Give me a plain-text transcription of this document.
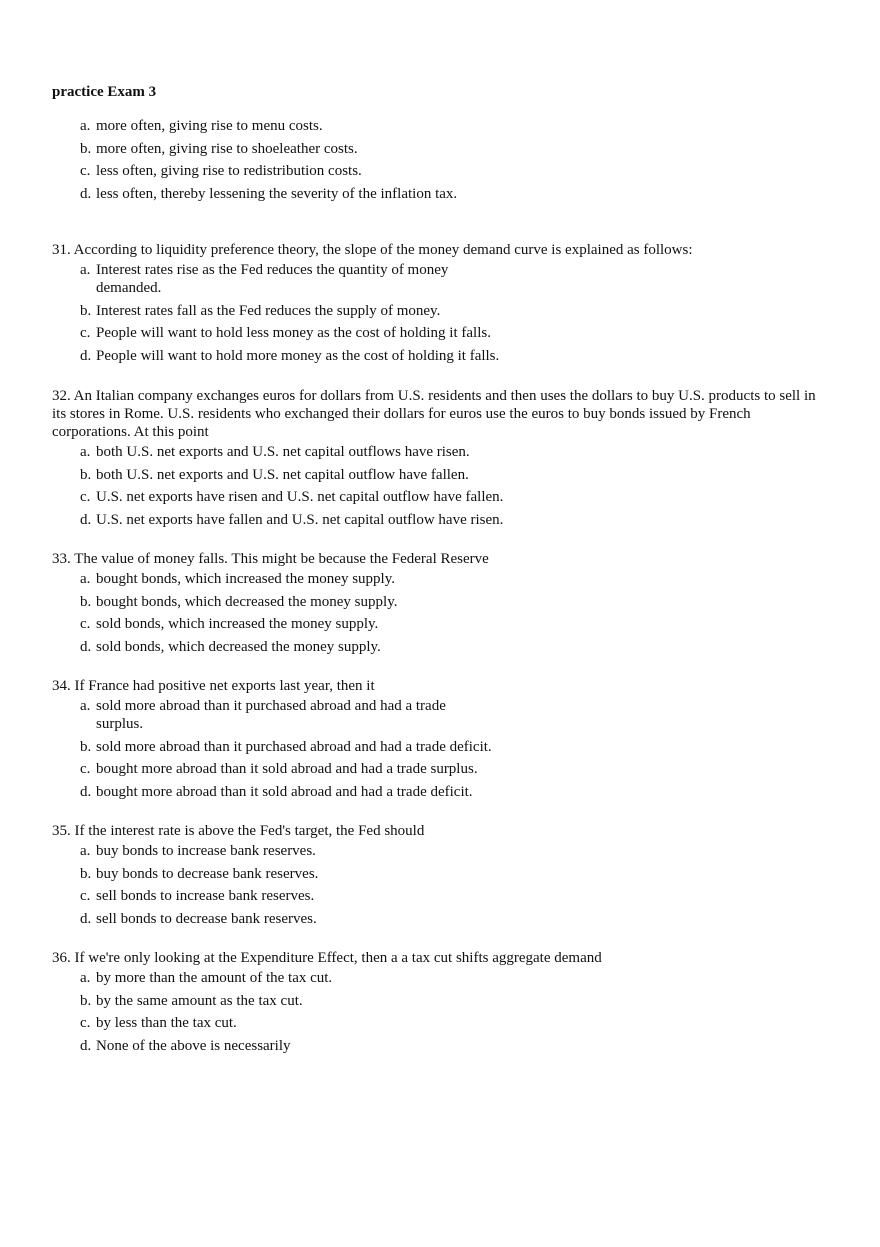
practice Exam 3
a. more often, giving rise to menu costs.
b. more often, giving rise to shoeleather costs.
c. less often, giving rise to redistribution costs.
d. less often, thereby lessening the severity of the inflation tax.

31. According to liquidity preference theory, the slope of the money demand curve is explained as follows:

a. Interest rates rise as the Fed reduces the quantity of money demanded.
b. Interest rates fall as the Fed reduces the supply of money.
c. People will want to hold less money as the cost of holding it falls.
d. People will want to hold more money as the cost of holding it falls.

32. An Italian company exchanges euros for dollars from U.S. residents and then uses the dollars to buy U.S. products to sell in its stores in Rome. U.S. residents who exchanged their dollars for euros use the euros to buy bonds issued by French corporations. At this point

a. both U.S. net exports and U.S. net capital outflows have risen.
b. both U.S. net exports and U.S. net capital outflow have fallen.
c. U.S. net exports have risen and U.S. net capital outflow have fallen.
d. U.S. net exports have fallen and U.S. net capital outflow have risen.

33. The value of money falls. This might be because the Federal Reserve

a. bought bonds, which increased the money supply.
b. bought bonds, which decreased the money supply.
c. sold bonds, which increased the money supply.
d. sold bonds, which decreased the money supply.

34. If France had positive net exports last year, then it

a. sold more abroad than it purchased abroad and had a trade surplus.
b. sold more abroad than it purchased abroad and had a trade deficit.
c. bought more abroad than it sold abroad and had a trade surplus.
d. bought more abroad than it sold abroad and had a trade deficit.

35. If the interest rate is above the Fed's target, the Fed should

a. buy bonds to increase bank reserves.
b. buy bonds to decrease bank reserves.
c. sell bonds to increase bank reserves.
d. sell bonds to decrease bank reserves.

36. If we're only looking at the Expenditure Effect, then a a tax cut shifts aggregate demand

a. by more than the amount of the tax cut.
b. by the same amount as the tax cut.
c. by less than the tax cut.
d. None of the above is necessarily
